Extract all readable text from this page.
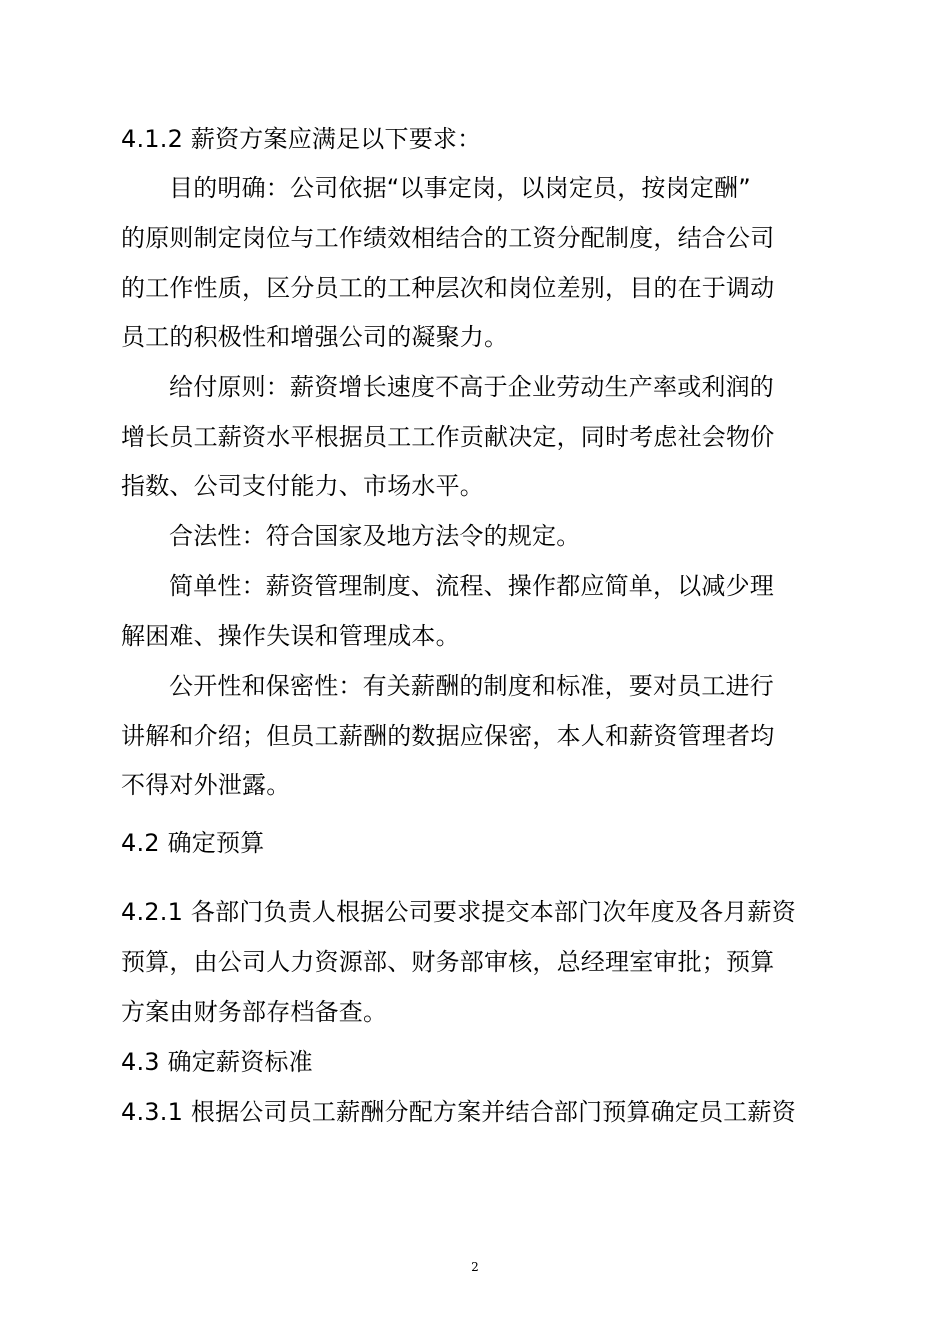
4.1.2 薪资方案应满足以下要求：
目的明确：公司依据“以事定岗，以岗定员，按岗定酬”
的原则制定岗位与工作绩效相结合的工资分配制度，结合公司
的工作性质，区分员工的工种层次和岗位差别，目的在于调动
员工的积极性和增强公司的凝聚力。
给付原则：薪资增长速度不高于企业劳动生产率或利润的
增长员工薪资水平根据员工工作贡献决定，同时考虑社会物价
指数、公司支付能力、市场水平。
合法性：符合国家及地方法令的规定。
简单性：薪资管理制度、流程、操作都应简单，以减少理
解困难、操作失误和管理成本。
公开性和保密性：有关薪酬的制度和标准，要对员工进行
讲解和介绍；但员工薪酬的数据应保密，本人和薪资管理者均
不得对外泄露。
4.2 确定预算
4.2.1 各部门负责人根据公司要求提交本部门次年度及各月薪资
预算，由公司人力资源部、财务部审核，总经理室审批；预算
方案由财务部存档备查。
4.3 确定薪资标准
4.3.1 根据公司员工薪酬分配方案并结合部门预算确定员工薪资
2
